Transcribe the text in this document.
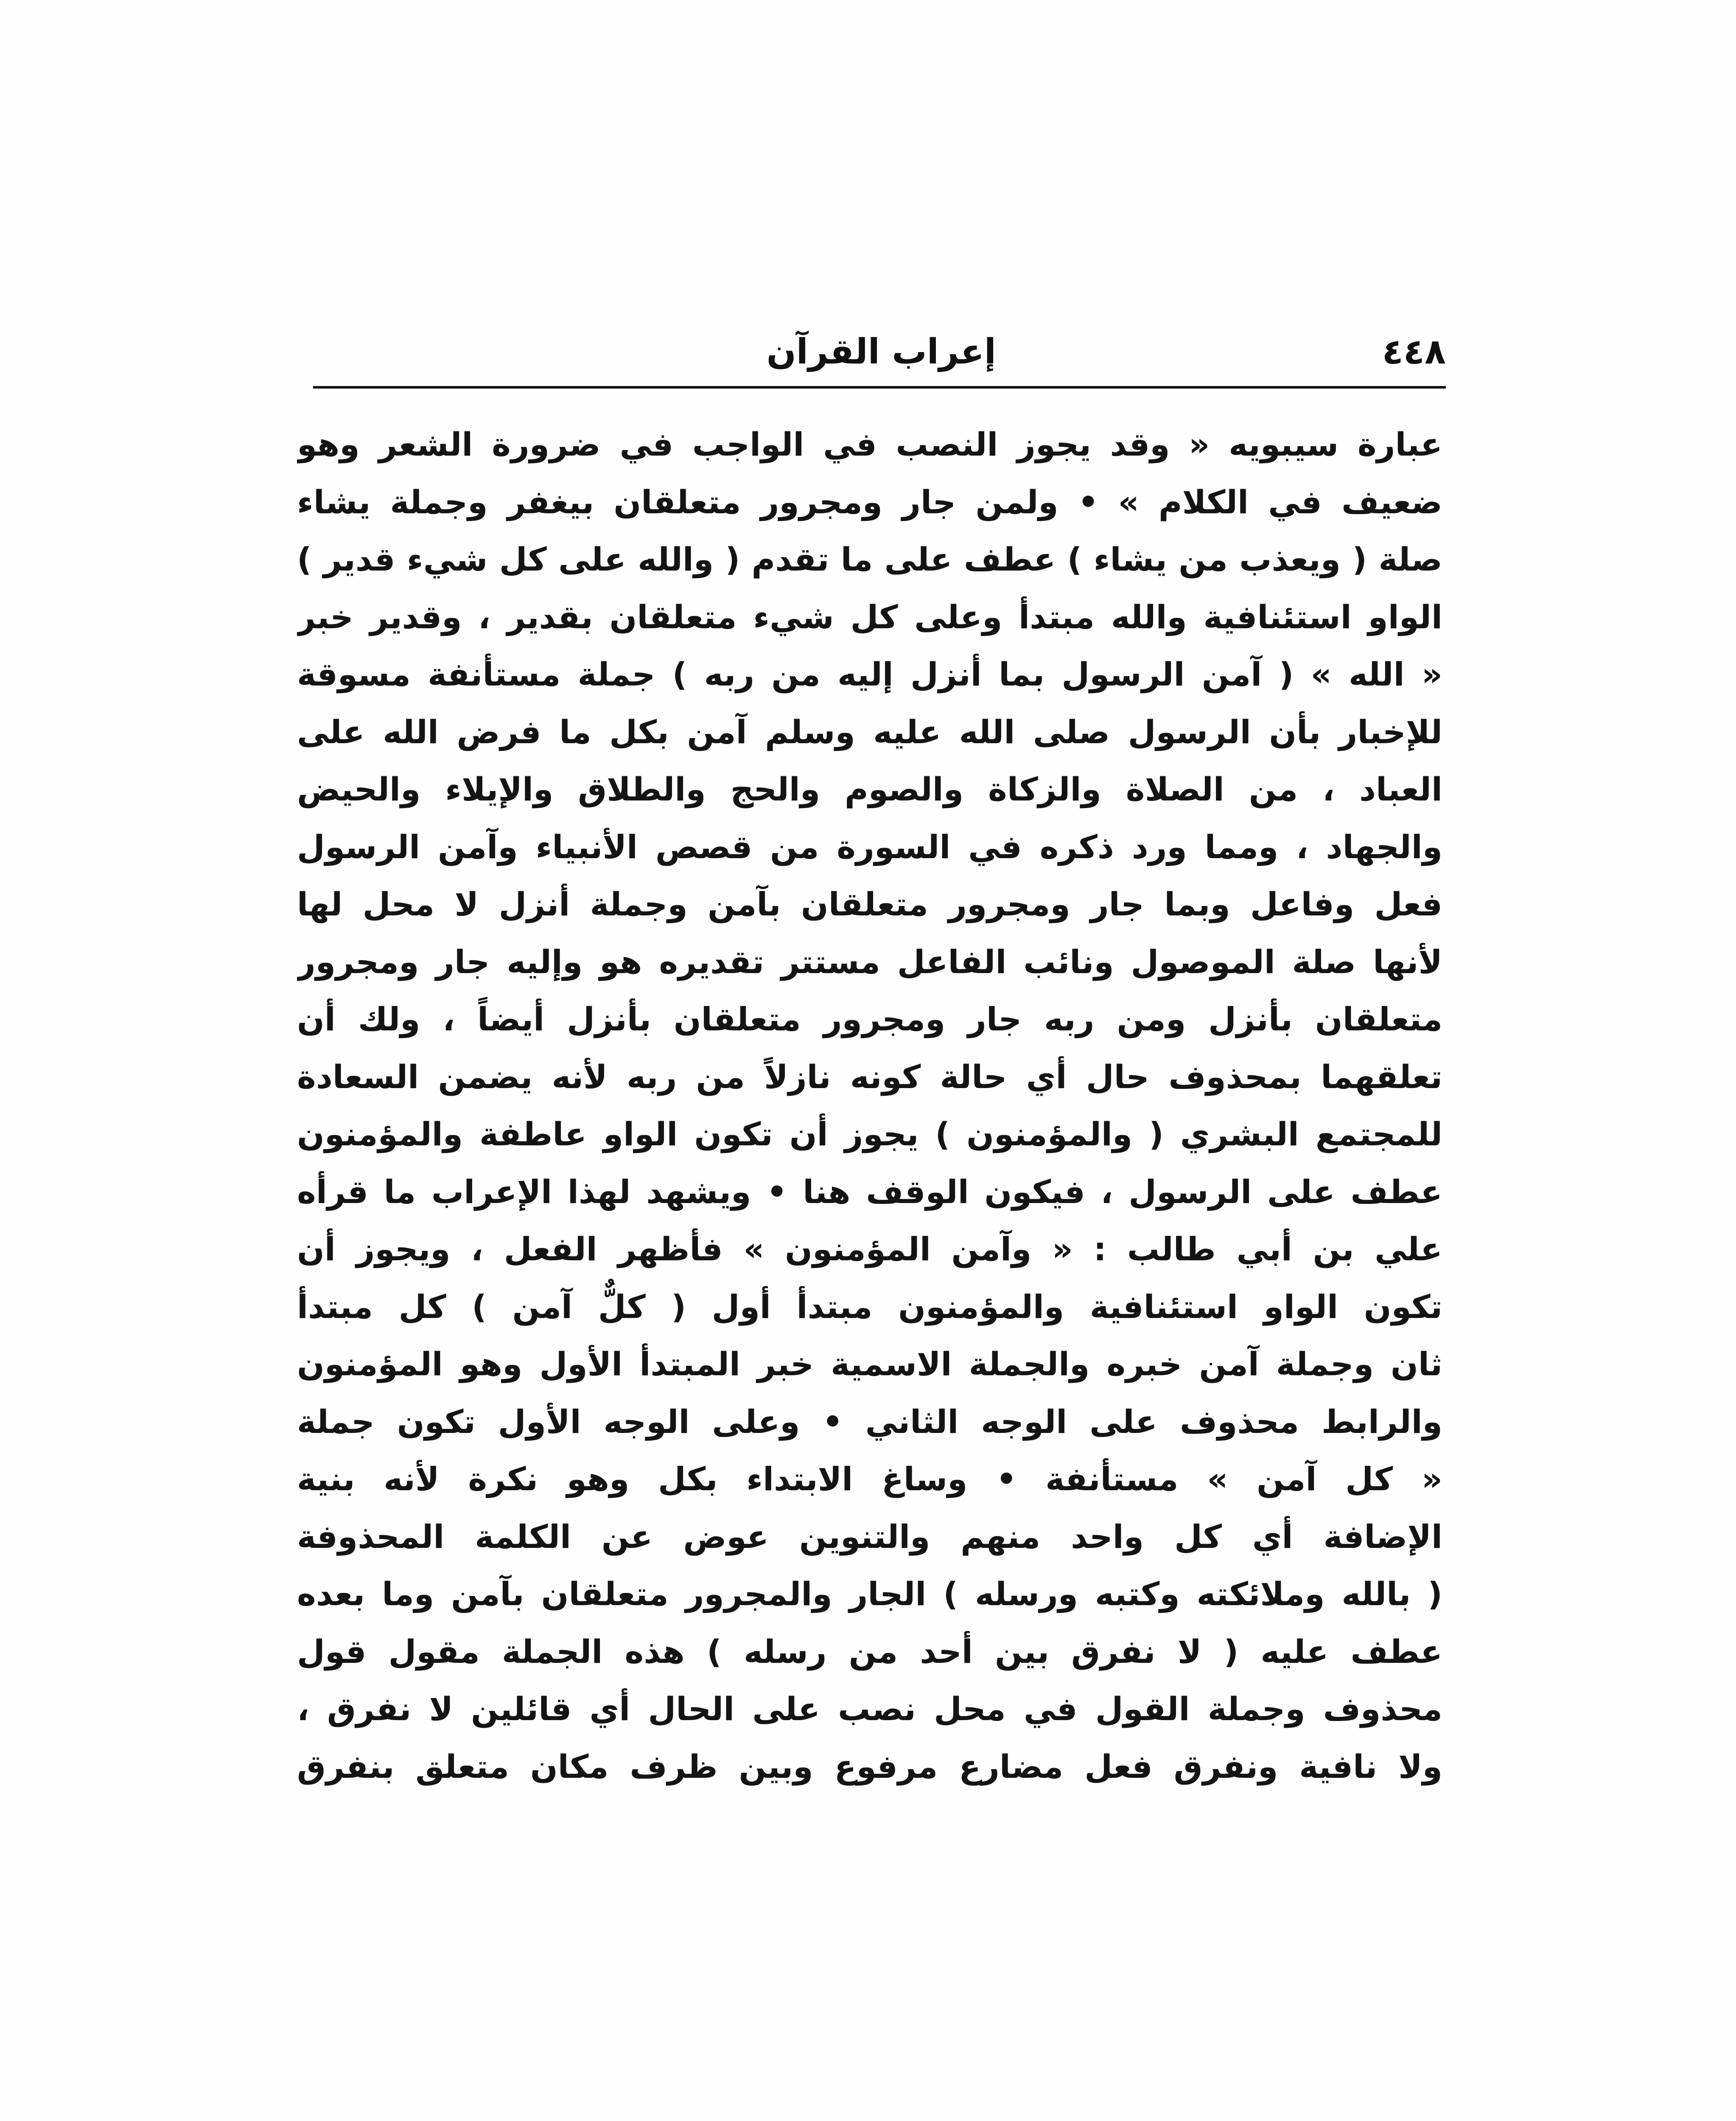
٤٤٨
إعراب القرآن
عبارة سيبويه « وقد يجوز النصب في الواجب في ضرورة الشعر وهو
ضعيف في الكلام » • ولمن جار ومجرور متعلقان بيغفر وجملة يشاء
صلة ( ويعذب من يشاء ) عطف على ما تقدم ( والله على كل شيء قدير )
الواو استئنافية والله مبتدأ وعلى كل شيء متعلقان بقدير ، وقدير خبر
« الله » ( آمن الرسول بما أنزل إليه من ربه ) جملة مستأنفة مسوقة
للإخبار بأن الرسول صلى الله عليه وسلم آمن بكل ما فرض الله على
العباد ، من الصلاة والزكاة والصوم والحج والطلاق والإيلاء والحيض
والجهاد ، ومما ورد ذكره في السورة من قصص الأنبياء وآمن الرسول
فعل وفاعل وبما جار ومجرور متعلقان بآمن وجملة أنزل لا محل لها
لأنها صلة الموصول ونائب الفاعل مستتر تقديره هو وإليه جار ومجرور
متعلقان بأنزل ومن ربه جار ومجرور متعلقان بأنزل أيضاً ، ولك أن
تعلقهما بمحذوف حال أي حالة كونه نازلاً من ربه لأنه يضمن السعادة
للمجتمع البشري ( والمؤمنون ) يجوز أن تكون الواو عاطفة والمؤمنون
عطف على الرسول ، فيكون الوقف هنا • ويشهد لهذا الإعراب ما قرأه
علي بن أبي طالب : « وآمن المؤمنون » فأظهر الفعل ، ويجوز أن
تكون الواو استئنافية والمؤمنون مبتدأ أول ( كلٌّ آمن ) كل مبتدأ
ثان وجملة آمن خبره والجملة الاسمية خبر المبتدأ الأول وهو المؤمنون
والرابط محذوف على الوجه الثاني • وعلى الوجه الأول تكون جملة
« كل آمن » مستأنفة • وساغ الابتداء بكل وهو نكرة لأنه بنية
الإضافة أي كل واحد منهم والتنوين عوض عن الكلمة المحذوفة
( بالله وملائكته وكتبه ورسله ) الجار والمجرور متعلقان بآمن وما بعده
عطف عليه ( لا نفرق بين أحد من رسله ) هذه الجملة مقول قول
محذوف وجملة القول في محل نصب على الحال أي قائلين لا نفرق ،
ولا نافية ونفرق فعل مضارع مرفوع وبين ظرف مكان متعلق بنفرق
